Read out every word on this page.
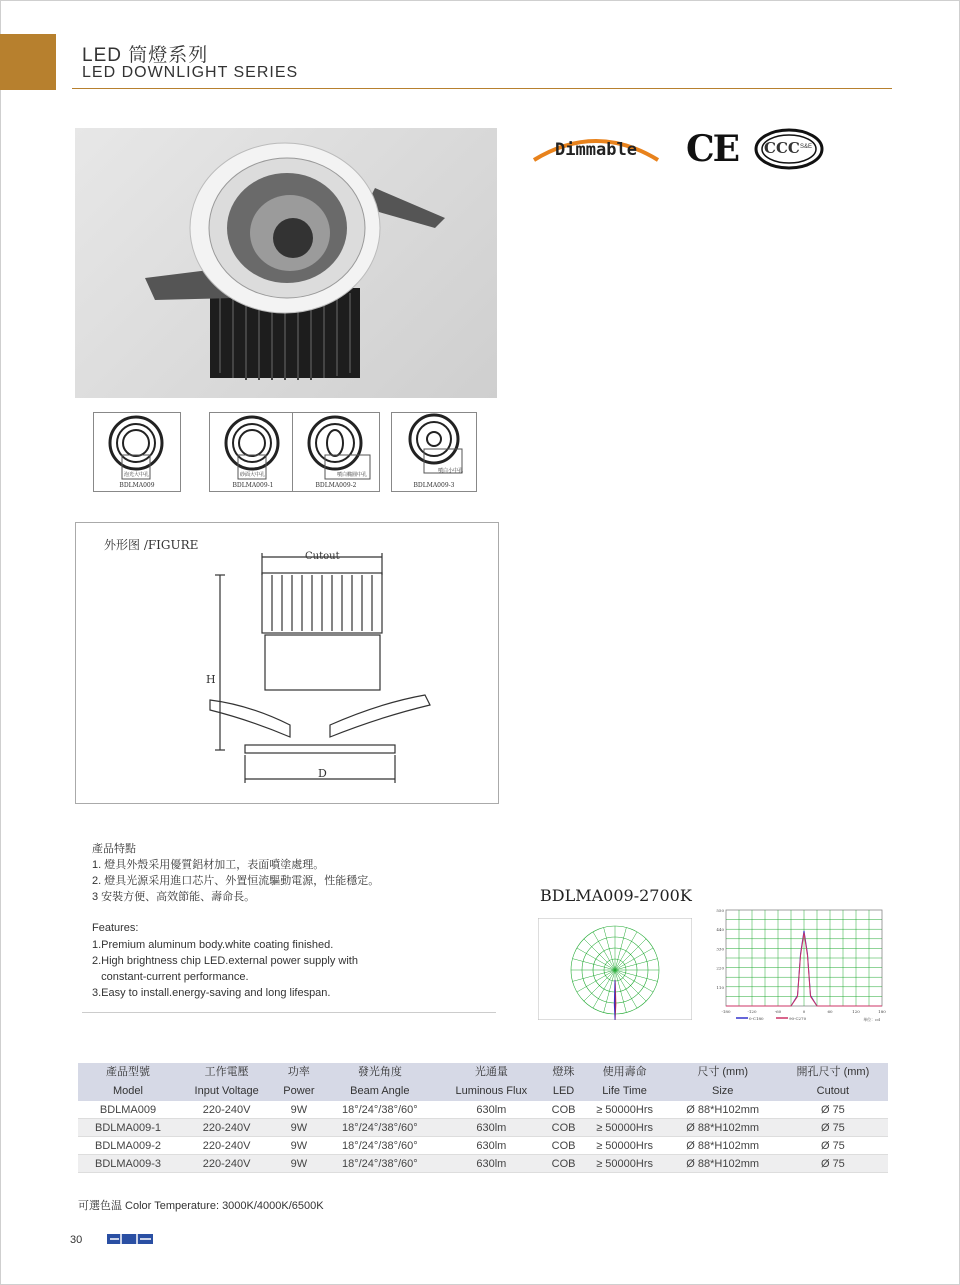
LED 筒燈系列
LED DOWNLIGHT SERIES
Dimmable	CE CCC S&E
泡光大中孔
BDLMA009
砂面大中孔
BDLMA009-1
噴白橢圓中孔
BDLMA009-2
噴白小中孔
BDLMA009-3
外形图 /FIGURE
Cutout
H
D
產品特點
1. 燈具外殼采用優質鋁材加工，表面噴塗處理。
2. 燈具光源采用進口芯片、外置恒流驅動電源，性能穩定。
3 安裝方便、高效節能、壽命長。
Features:
1.Premium aluminum body.white coating finished.
2.High brightness chip LED.external power supply with
constant-current performance.
3.Easy to install.energy-saving and long lifespan.
BDLMA009-2700K
110
220
330
440
550
-180	-120	-60	0	60	120	180
0-C180	90-C270	单位：cd
產品型號	工作電壓	功率	發光角度	光通量	燈珠	使用壽命	尺寸 (mm)	開孔尺寸 (mm)
Model	Input Voltage	Power	Beam Angle	Luminous Flux	LED	Life Time	Size	Cutout
BDLMA009	220-240V	9W	18°/24°/38°/60°	630lm	COB	≥ 50000Hrs	Ø 88*H102mm	Ø 75
BDLMA009-1	220-240V	9W	18°/24°/38°/60°	630lm	COB	≥ 50000Hrs	Ø 88*H102mm	Ø 75
BDLMA009-2	220-240V	9W	18°/24°/38°/60°	630lm	COB	≥ 50000Hrs	Ø 88*H102mm	Ø 75
BDLMA009-3	220-240V	9W	18°/24°/38°/60°	630lm	COB	≥ 50000Hrs	Ø 88*H102mm	Ø 75
可選色温 Color Temperature: 3000K/4000K/6500K
30
